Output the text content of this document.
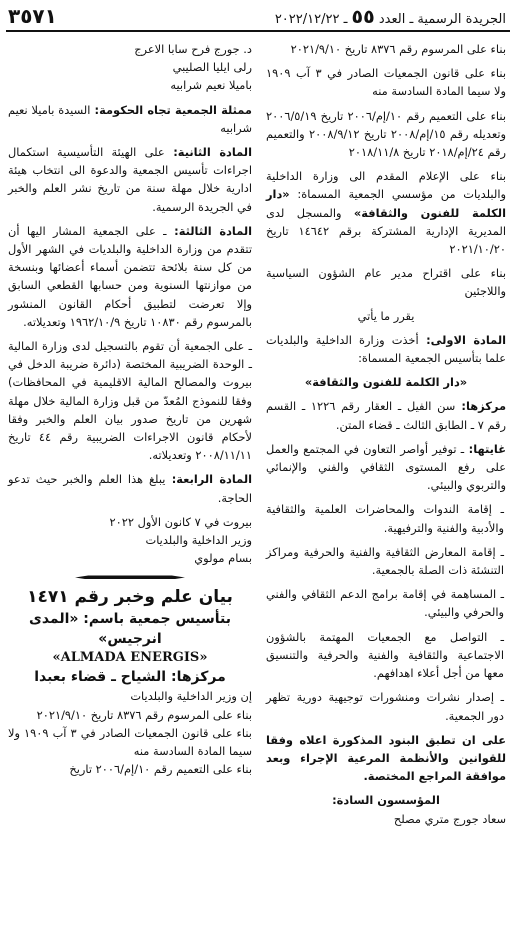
٣٥٧١	الجريدة الرسمية ـ العدد ٥٥ ـ ٢٠٢٢/١٢/٢٢

بناء على المرسوم رقم ٨٣٧٦ تاريخ ٢٠٢١/٩/١٠

بناء على قانون الجمعيات الصادر في ٣ آب ١٩٠٩ ولا سيما المادة السادسة منه

بناء على التعميم رقم ١٠/إم/٢٠٠٦ تاريخ ٢٠٠٦/٥/١٩ وتعديله رقم ١٥/إم/٢٠٠٨ تاريخ ٢٠٠٨/٩/١٢ والتعميم رقم ٢٤/إم/٢٠١٨ تاريخ ٢٠١٨/١١/٨

بناء على الإعلام المقدم الى وزارة الداخلية والبلديات من مؤسسي الجمعية المسماة: «دار الكلمة للفنون والثقافة» والمسجل لدى المديرية الإدارية المشتركة برقم ١٤٦٤٢ تاريخ ٢٠٢١/١٠/٢٠

بناء على اقتراح مدير عام الشؤون السياسية واللاجئين

يقرر ما يأتي

المادة الاولى: أخذت وزارة الداخلية والبلديات علما بتأسيس الجمعية المسماة:

«دار الكلمة للفنون والثقافة»

مركزها: سن الفيل ـ العقار رقم ١٢٢٦ ـ القسم رقم ٧ ـ الطابق الثالث ـ قضاء المتن.

غايتها: ـ توفير أواصر التعاون في المجتمع والعمل على رفع المستوى الثقافي والفني والإنمائي والتربوي والبيئي.

ـ إقامة الندوات والمحاضرات العلمية والثقافية والأدبية والفنية والترفيهية.

ـ إقامة المعارض الثقافية والفنية والحرفية ومراكز التنشئة ذات الصلة بالجمعية.

ـ المساهمة في إقامة برامج الدعم الثقافي والفني والحرفي والبيئي.

ـ التواصل مع الجمعيات المهتمة بالشؤون الاجتماعية والثقافية والفنية والحرفية والتنسيق معها من أجل أعلاء اهدافهم.

ـ إصدار نشرات ومنشورات توجيهية دورية تظهر دور الجمعية.

على ان تطبق البنود المذكورة اعلاه وفقا للقوانين والأنظمة المرعية الإجراء وبعد موافقة المراجع المختصة.

المؤسسون السادة:

سعاد جورج متري مصلح

د. جورج فرح سابا الاعرج

رلى ايليا الصليبي

باميلا نعيم شرابيه

ممثلة الجمعية تجاه الحكومة: السيدة باميلا نعيم شرابيه

المادة الثانية: على الهيئة التأسيسية استكمال اجراءات تأسيس الجمعية والدعوة الى انتخاب هيئة ادارية خلال مهلة سنة من تاريخ نشر العلم والخبر في الجريدة الرسمية.

المادة الثالثة: ـ على الجمعية المشار اليها أن تتقدم من وزارة الداخلية والبلديات في الشهر الأول من كل سنة بلائحة تتضمن أسماء أعضائها وبنسخة من موازنتها السنوية ومن حسابها القطعي السابق وإلا تعرضت لتطبيق أحكام القانون المنشور بالمرسوم رقم ١٠٨٣٠ تاريخ ١٩٦٢/١٠/٩ وتعديلاته.

ـ على الجمعية أن تقوم بالتسجيل لدى وزارة المالية ـ الوحدة الضريبية المختصة (دائرة ضريبة الدخل في بيروت والمصالح المالية الاقليمية في المحافظات) وفقا للنموذج المُعدّ من قبل وزارة المالية خلال مهلة شهرين من تاريخ صدور بيان العلم والخبر وفقا لأحكام قانون الاجراءات الضريبية رقم ٤٤ تاريخ ٢٠٠٨/١١/١١ وتعديلاته.

المادة الرابعة: يبلغ هذا العلم والخبر حيث تدعو الحاجة.

بيروت في ٧ كانون الأول ٢٠٢٢

وزير الداخلية والبلديات

بسام مولوي

بيان علم وخبر رقم ١٤٧١
بتأسيس جمعية باسم: «المدى انرجيس»
«ALMADA ENERGIS»
مركزها: الشياح ـ قضاء بعبدا

إن وزير الداخلية والبلديات

بناء على المرسوم رقم ٨٣٧٦ تاريخ ٢٠٢١/٩/١٠

بناء على قانون الجمعيات الصادر في ٣ آب ١٩٠٩ ولا سيما المادة السادسة منه

بناء على التعميم رقم ١٠/إم/٢٠٠٦ تاريخ
